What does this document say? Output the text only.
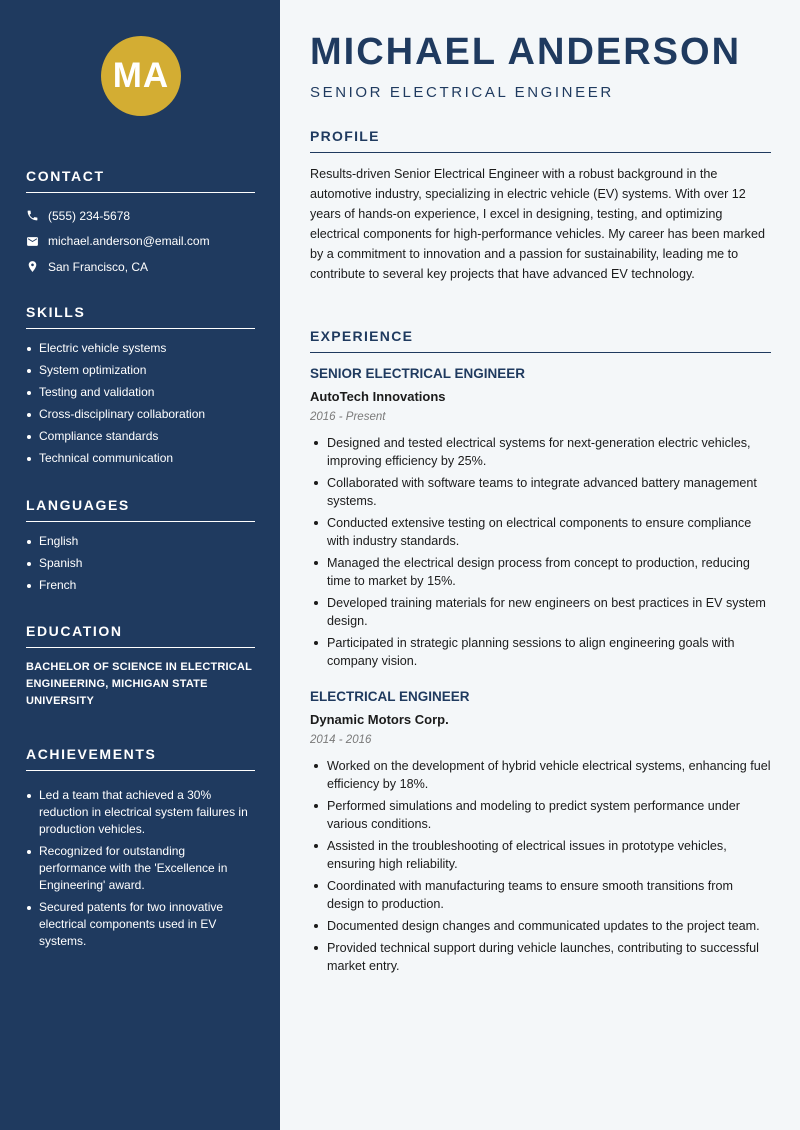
MA
CONTACT
(555) 234-5678
michael.anderson@email.com
San Francisco, CA
SKILLS
Electric vehicle systems
System optimization
Testing and validation
Cross-disciplinary collaboration
Compliance standards
Technical communication
LANGUAGES
English
Spanish
French
EDUCATION

BACHELOR OF SCIENCE IN ELECTRICAL ENGINEERING, MICHIGAN STATE UNIVERSITY

ACHIEVEMENTS
Led a team that achieved a 30% reduction in electrical system failures in production vehicles.
Recognized for outstanding performance with the 'Excellence in Engineering' award.
Secured patents for two innovative electrical components used in EV systems.
MICHAEL ANDERSON
SENIOR ELECTRICAL ENGINEER
PROFILE

Results-driven Senior Electrical Engineer with a robust background in the automotive industry, specializing in electric vehicle (EV) systems. With over 12 years of hands-on experience, I excel in designing, testing, and optimizing electrical components for high-performance vehicles. My career has been marked by a commitment to innovation and a passion for sustainability, leading me to contribute to several key projects that have advanced EV technology.

EXPERIENCE
SENIOR ELECTRICAL ENGINEER
AutoTech Innovations
2016 - Present
Designed and tested electrical systems for next-generation electric vehicles, improving efficiency by 25%.
Collaborated with software teams to integrate advanced battery management systems.
Conducted extensive testing on electrical components to ensure compliance with industry standards.
Managed the electrical design process from concept to production, reducing time to market by 15%.
Developed training materials for new engineers on best practices in EV system design.
Participated in strategic planning sessions to align engineering goals with company vision.
ELECTRICAL ENGINEER
Dynamic Motors Corp.
2014 - 2016
Worked on the development of hybrid vehicle electrical systems, enhancing fuel efficiency by 18%.
Performed simulations and modeling to predict system performance under various conditions.
Assisted in the troubleshooting of electrical issues in prototype vehicles, ensuring high reliability.
Coordinated with manufacturing teams to ensure smooth transitions from design to production.
Documented design changes and communicated updates to the project team.
Provided technical support during vehicle launches, contributing to successful market entry.
